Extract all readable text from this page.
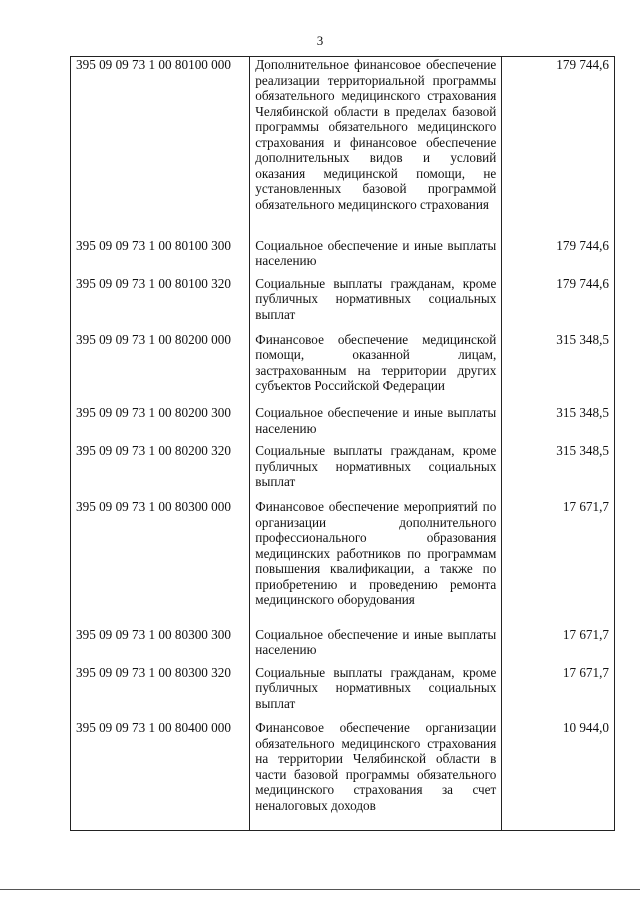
3
395 09 09 73 1 00 80100 000	Дополнительное финансовое обеспечение реализации территориальной программы обязательного медицинского страхования Челябинской области в пределах базовой программы обязательного медицинского страхования и финансовое обеспечение дополнительных видов и условий оказания медицинской помощи, не установленных базовой программой обязательного медицинского страхования	179 744,6
395 09 09 73 1 00 80100 300	Социальное обеспечение и иные выплаты населению	179 744,6
395 09 09 73 1 00 80100 320	Социальные выплаты гражданам, кроме публичных нормативных социальных выплат	179 744,6
395 09 09 73 1 00 80200 000	Финансовое обеспечение медицинской помощи, оказанной лицам, застрахованным на территории других субъектов Российской Федерации	315 348,5
395 09 09 73 1 00 80200 300	Социальное обеспечение и иные выплаты населению	315 348,5
395 09 09 73 1 00 80200 320	Социальные выплаты гражданам, кроме публичных нормативных социальных выплат	315 348,5
395 09 09 73 1 00 80300 000	Финансовое обеспечение мероприятий по организации дополнительного профессионального образования медицинских работников по программам повышения квалификации, а также по приобретению и проведению ремонта медицинского оборудования	17 671,7
395 09 09 73 1 00 80300 300	Социальное обеспечение и иные выплаты населению	17 671,7
395 09 09 73 1 00 80300 320	Социальные выплаты гражданам, кроме публичных нормативных социальных выплат	17 671,7
395 09 09 73 1 00 80400 000	Финансовое обеспечение организации обязательного медицинского страхования на территории Челябинской области в части базовой программы обязательного медицинского страхования за счет неналоговых доходов	10 944,0
